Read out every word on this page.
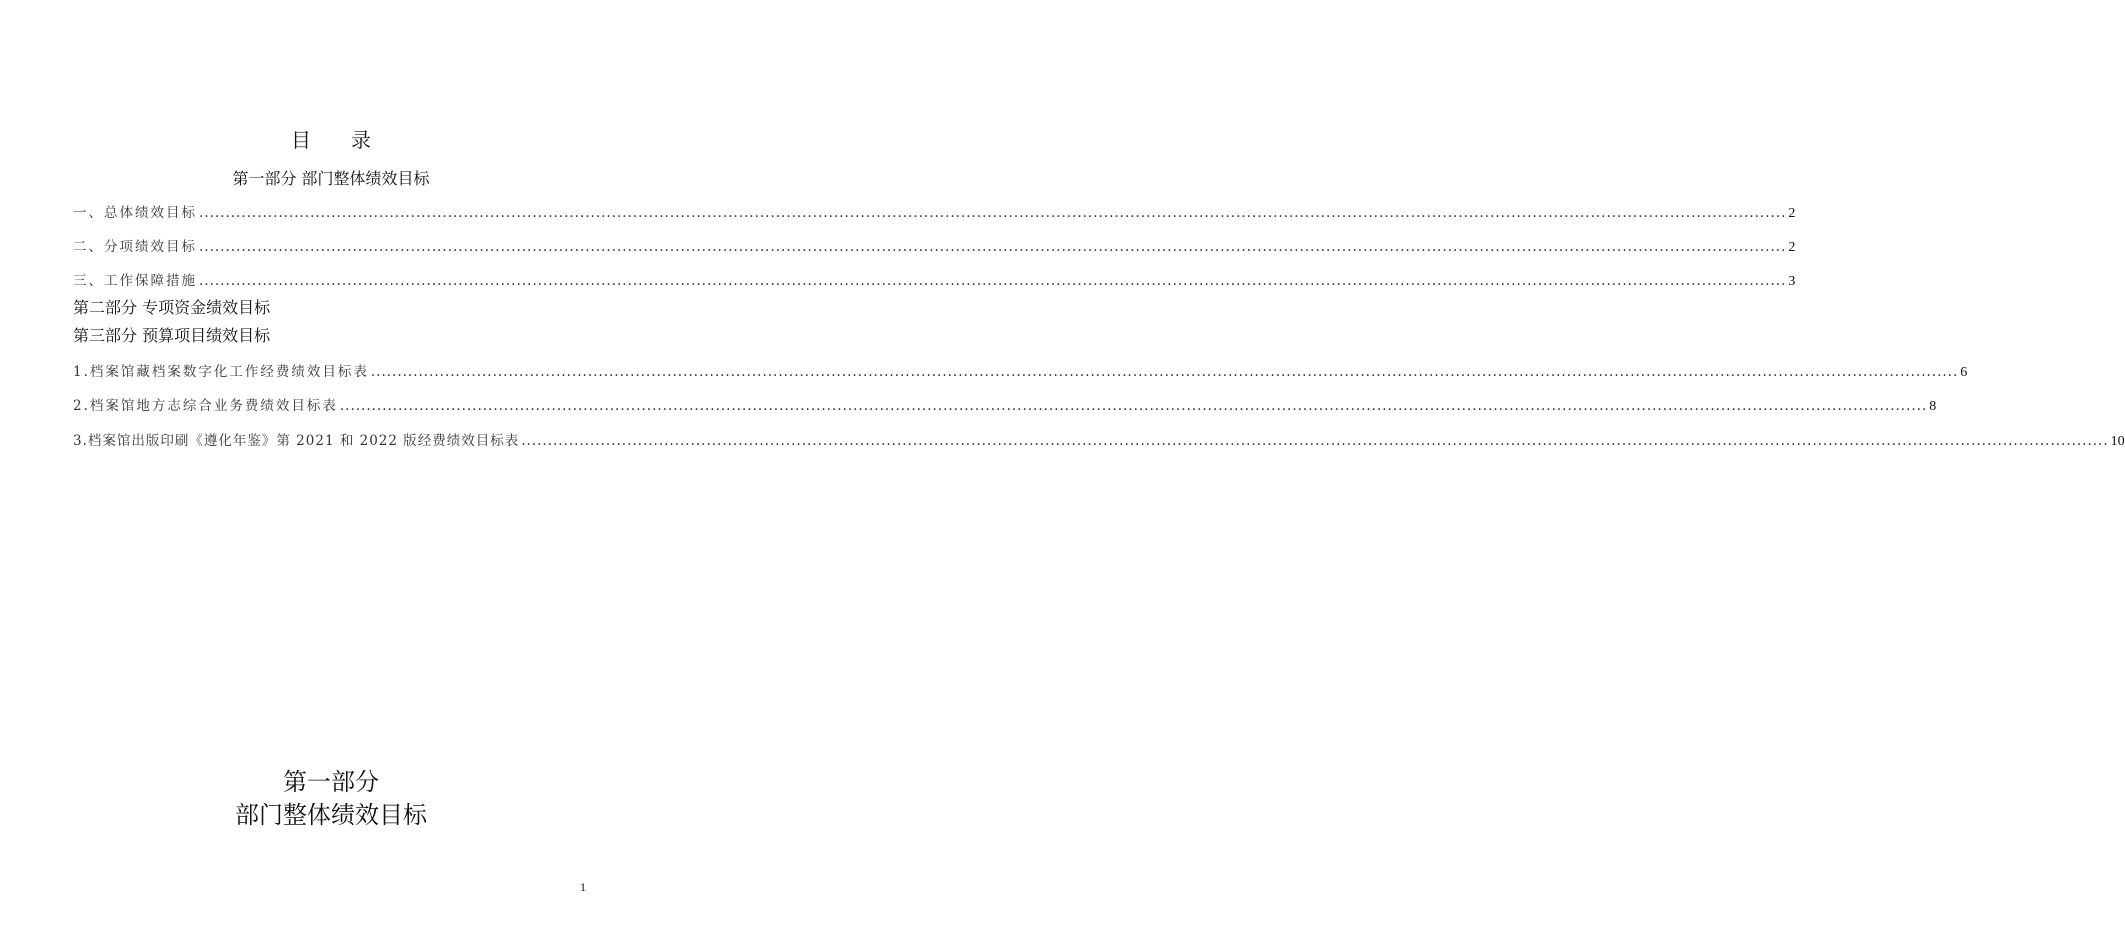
目 录
第一部分 部门整体绩效目标
一、总体绩效目标 ............................................................................................................................................................................................................................................................................................................ 2
二、分项绩效目标 ............................................................................................................................................................................................................................................................................................................ 2
三、工作保障措施 ............................................................................................................................................................................................................................................................................................................ 3
第二部分 专项资金绩效目标
第三部分 预算项目绩效目标
1.档案馆藏档案数字化工作经费绩效目标表 ............................................................................................................................................................................................................................................................................................................ 6
2.档案馆地方志综合业务费绩效目标表 ............................................................................................................................................................................................................................................................................................................ 8
3.档案馆出版印刷《遵化年鉴》第 2021 和 2022 版经费绩效目标表 ............................................................................................................................................................................................................................................................................................................ 10
第一部分
部门整体绩效目标
1
